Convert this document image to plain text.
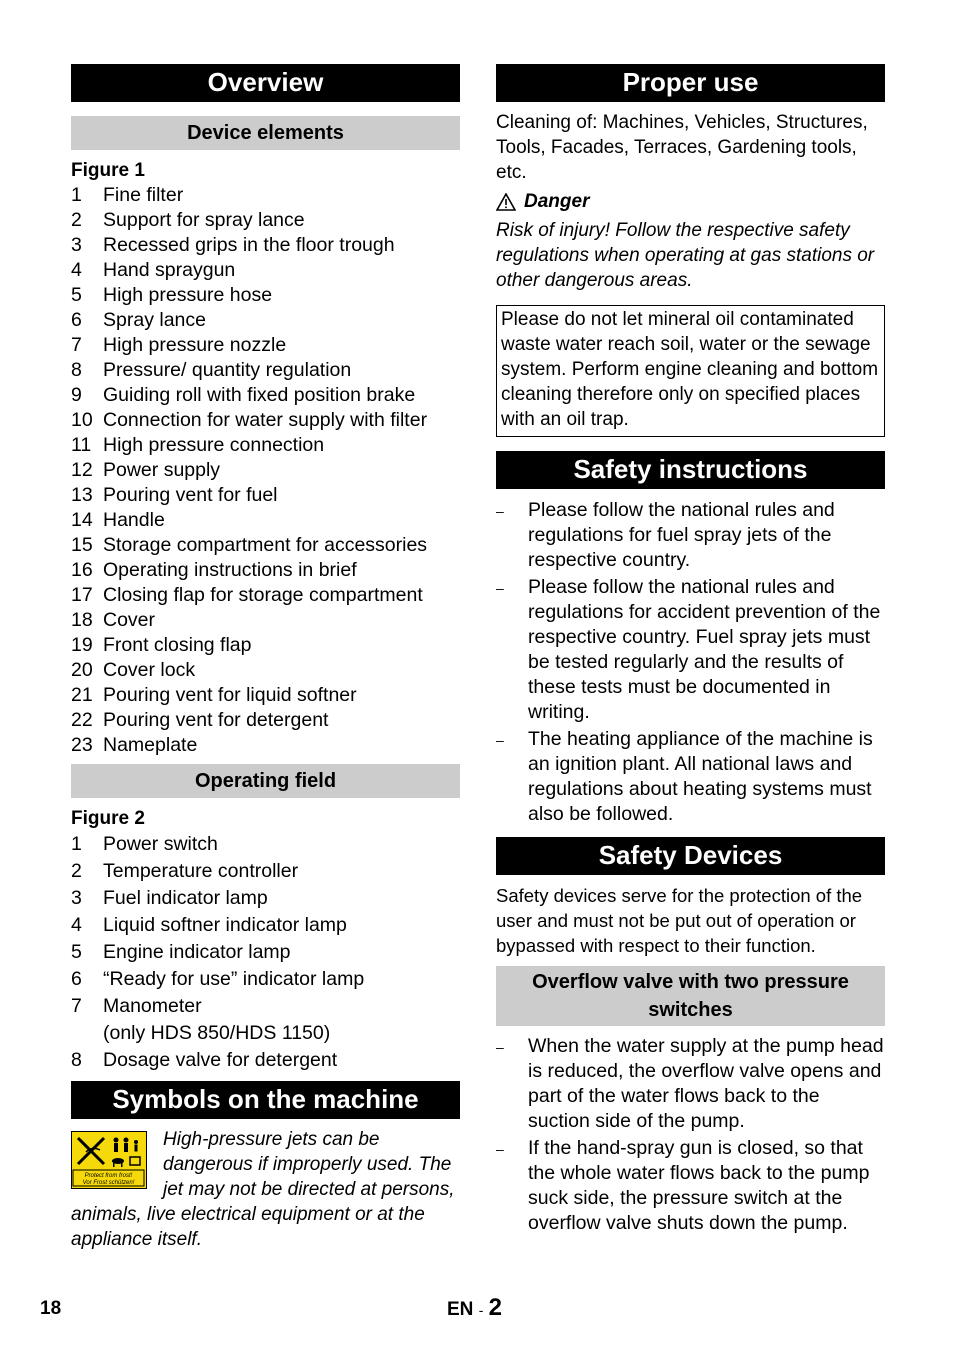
Overview
Device elements
Figure 1
1	Fine filter
2	Support for spray lance
3	Recessed grips in the floor trough
4	Hand spraygun
5	High pressure hose
6	Spray lance
7	High pressure nozzle
8	Pressure/ quantity regulation
9	Guiding roll with fixed position brake
10 Connection for water supply with filter
11 High pressure connection
12 Power supply
13 Pouring vent for fuel
14 Handle
15 Storage compartment for accessories
16 Operating instructions in brief
17 Closing flap for storage compartment
18 Cover
19 Front closing flap
20 Cover lock
21 Pouring vent for liquid softner
22 Pouring vent for detergent
23 Nameplate
Operating field
Figure 2
1	Power switch
2	Temperature controller
3	Fuel indicator lamp
4	Liquid softner indicator lamp
5	Engine indicator lamp
6	“Ready for use” indicator lamp
7	Manometer
(only HDS 850/HDS 1150)
8	Dosage valve for detergent
Symbols on the machine
Protect from frost!
Vor Frost schützen!
High-pressure jets can be dangerous if improperly used. The jet may not be directed at persons, animals, live electrical equipment or at the appliance itself.
Proper use

Cleaning of: Machines, Vehicles, Structures, Tools, Facades, Terraces, Gardening tools, etc.

Danger

Risk of injury! Follow the respective safety regulations when operating at gas stations or other dangerous areas.

Please do not let mineral oil contaminated waste water reach soil, water or the sewage system. Perform engine cleaning and bottom cleaning therefore only on specified places with an oil trap.
Safety instructions
–	Please follow the national rules and regulations for fuel spray jets of the respective country.
–	Please follow the national rules and regulations for accident prevention of the respective country. Fuel spray jets must be tested regularly and the results of these tests must be documented in writing.
–	The heating appliance of the machine is an ignition plant. All national laws and regulations about heating systems must also be followed.
Safety Devices

Safety devices serve for the protection of the user and must not be put out of operation or bypassed with respect to their function.

Overflow valve with two pressure switches
–	When the water supply at the pump head is reduced, the overflow valve opens and part of the water flows back to the suction side of the pump.
–	If the hand-spray gun is closed, so that the whole water flows back to the pump suck side, the pressure switch at the overflow valve shuts down the pump.
18	EN - 2
